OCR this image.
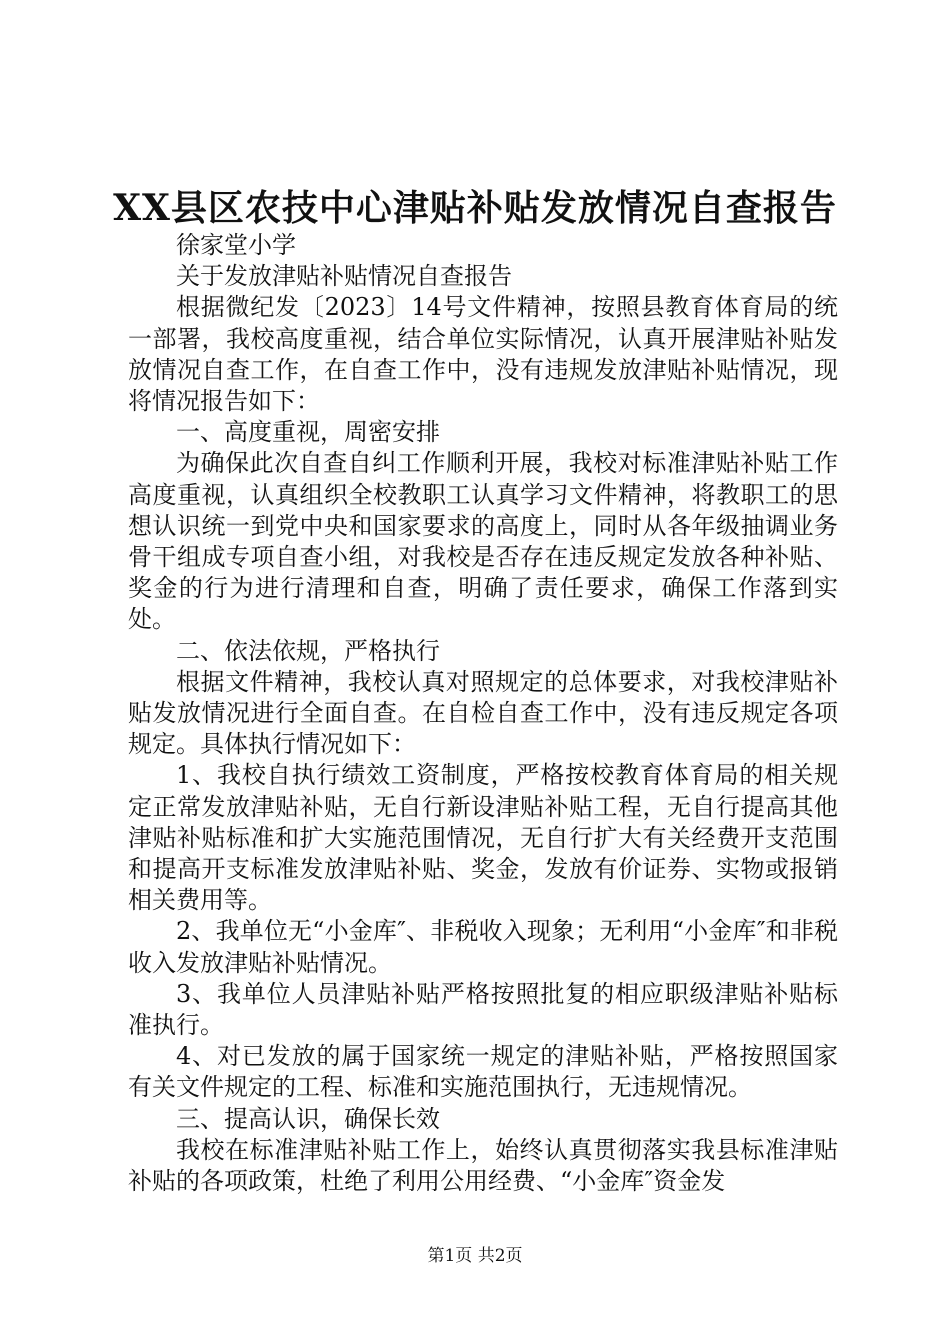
XX县区农技中心津贴补贴发放情况自查报告

徐家堂小学

关于发放津贴补贴情况自查报告

根据微纪发〔2023〕14号文件精神，按照县教育体育局的统一部署，我校高度重视，结合单位实际情况，认真开展津贴补贴发放情况自查工作，在自查工作中，没有违规发放津贴补贴情况，现将情况报告如下：

一、高度重视，周密安排

为确保此次自查自纠工作顺利开展，我校对标准津贴补贴工作高度重视，认真组织全校教职工认真学习文件精神，将教职工的思想认识统一到党中央和国家要求的高度上，同时从各年级抽调业务骨干组成专项自查小组，对我校是否存在违反规定发放各种补贴、奖金的行为进行清理和自查，明确了责任要求，确保工作落到实处。

二、依法依规，严格执行

根据文件精神，我校认真对照规定的总体要求，对我校津贴补贴发放情况进行全面自查。在自检自查工作中，没有违反规定各项规定。具体执行情况如下：

1、我校自执行绩效工资制度，严格按校教育体育局的相关规定正常发放津贴补贴，无自行新设津贴补贴工程，无自行提高其他津贴补贴标准和扩大实施范围情况，无自行扩大有关经费开支范围和提高开支标准发放津贴补贴、奖金，发放有价证券、实物或报销相关费用等。

2、我单位无“小金库″、非税收入现象；无利用“小金库″和非税收入发放津贴补贴情况。

3、我单位人员津贴补贴严格按照批复的相应职级津贴补贴标准执行。

4、对已发放的属于国家统一规定的津贴补贴，严格按照国家有关文件规定的工程、标准和实施范围执行，无违规情况。

三、提高认识，确保长效

我校在标准津贴补贴工作上，始终认真贯彻落实我县标准津贴补贴的各项政策，杜绝了利用公用经费、“小金库″资金发

第1页 共2页
